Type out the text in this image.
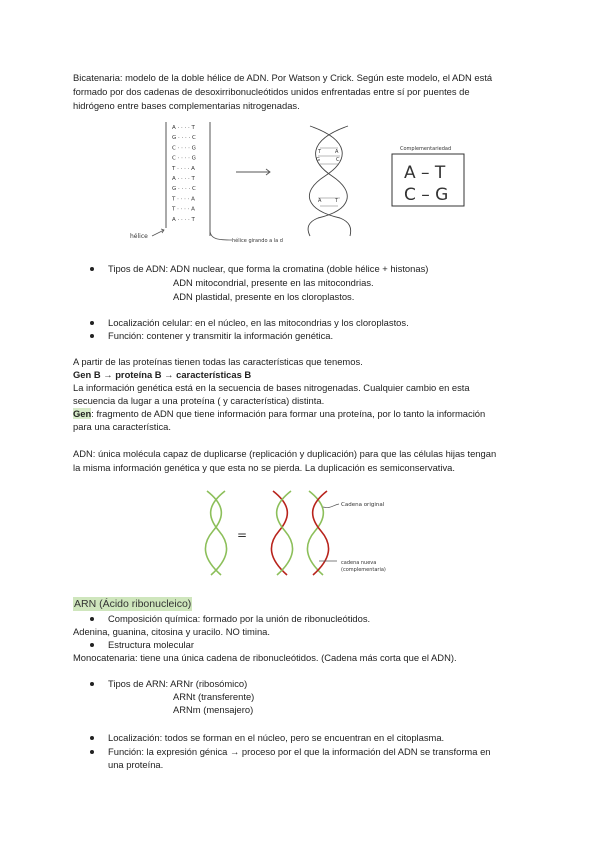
Bicatenaria: modelo de la doble hélice de ADN. Por Watson y Crick. Según este modelo, el ADN está

formado por dos cadenas de desoxirribonucleótidos unidos enfrentadas entre sí por puentes de

hidrógeno entre bases complementarias nitrogenadas.

A · · · · T
G · · · · C
C · · · · G
C · · · · G
T · · · · A
A · · · · T
G · · · · C
T · · · · A
T · · · · A
A · · · · T
hélice
hélice girando a la d
T	A
G	C
A	T
Complementariedad
A – T
C – G
Tipos de ADN: ADN nuclear, que forma la cromatina (doble hélice + histonas)
ADN mitocondrial, presente en las mitocondrias.
ADN plastidal, presente en los cloroplastos.
Localización celular: en el núcleo, en las mitocondrias y los cloroplastos.
Función: contener y transmitir la información genética.

A partir de las proteínas tienen todas las características que tenemos.

Gen B → proteína B → características B

La información genética está en la secuencia de bases nitrogenadas. Cualquier cambio en esta

secuencia da lugar a una proteína ( y característica) distinta.

Gen: fragmento de ADN que tiene información para formar una proteína, por lo tanto la información

para una característica.

ADN: única molécula capaz de duplicarse (replicación y duplicación) para que las células hijas tengan

la misma información genética y que esta no se pierda. La duplicación es semiconservativa.

=
Cadena original
cadena nueva
(complementaria)
ARN (Ácido ribonucleico)
Composición química: formado por la unión de ribonucleótidos.

Adenina, guanina, citosina y uracilo. NO timina.

Estructura molecular

Monocatenaria: tiene una única cadena de ribonucleótidos. (Cadena más corta que el ADN).

Tipos de ARN: ARNr (ribosómico)
ARNt (transferente)
ARNm (mensajero)
Localización: todos se forman en el núcleo, pero se encuentran en el citoplasma.
Función: la expresión génica → proceso por el que la información del ADN se transforma en
una proteína.
